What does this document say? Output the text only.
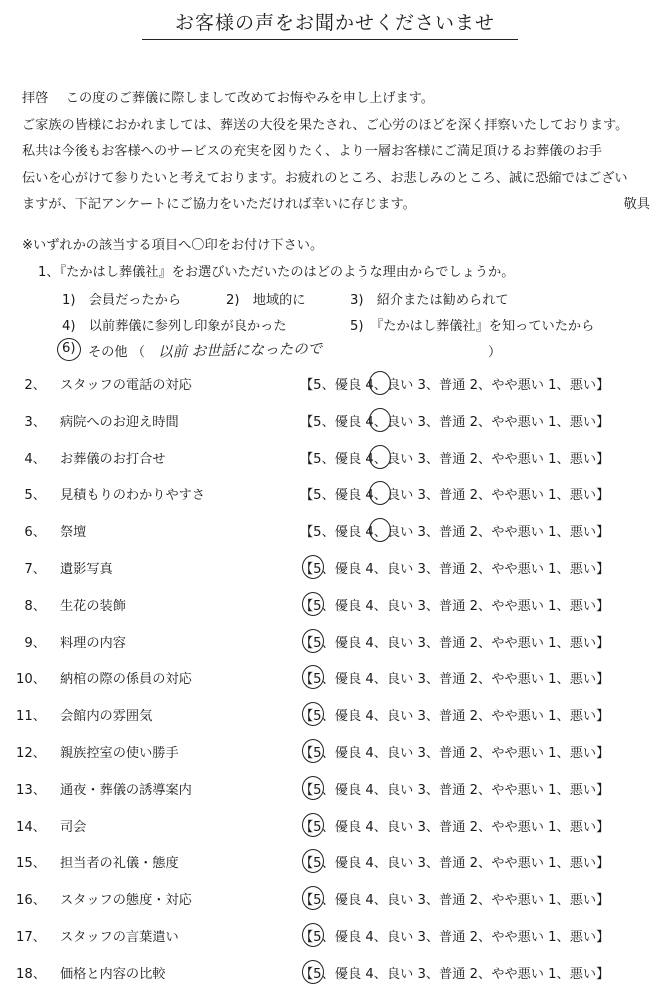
お客様の声をお聞かせくださいませ
拝啓　 この度のご葬儀に際しまして改めてお悔やみを申し上げます。
ご家族の皆様におかれましては、葬送の大役を果たされ、ご心労のほどを深く拝察いたしております。
私共は今後もお客様へのサービスの充実を図りたく、より一層お客様にご満足頂けるお葬儀のお手
伝いを心がけて参りたいと考えております。お疲れのところ、お悲しみのところ、誠に恐縮ではござい
ますが、下記アンケートにご協力をいただければ幸いに存じます。	敬具
※いずれかの該当する項目へ〇印をお付け下さい。
1、『たかはし葬儀社』をお選びいただいたのはどのような理由からでしょうか。
1)　会員だったから	2)　地域的に	3)　紹介または勧められて
4)　以前葬儀に参列し印象が良かった	5)　『たかはし葬儀社』を知っていたから
6) その他 （ 以前 お世話になったので	）
2、 スタッフの電話の対応	【5、優良 4、良い 3、普通 2、やや悪い 1、悪い】
3、 病院へのお迎え時間	【5、優良 4、良い 3、普通 2、やや悪い 1、悪い】
4、 お葬儀のお打合せ	【5、優良 4、良い 3、普通 2、やや悪い 1、悪い】
5、 見積もりのわかりやすさ	【5、優良 4、良い 3、普通 2、やや悪い 1、悪い】
6、 祭壇	【5、優良 4、良い 3、普通 2、やや悪い 1、悪い】
7、 遺影写真	【5、優良 4、良い 3、普通 2、やや悪い 1、悪い】
8、 生花の装飾	【5、優良 4、良い 3、普通 2、やや悪い 1、悪い】
9、 料理の内容	【5、優良 4、良い 3、普通 2、やや悪い 1、悪い】
10、 納棺の際の係員の対応	【5、優良 4、良い 3、普通 2、やや悪い 1、悪い】
11、 会館内の雰囲気	【5、優良 4、良い 3、普通 2、やや悪い 1、悪い】
12、 親族控室の使い勝手	【5、優良 4、良い 3、普通 2、やや悪い 1、悪い】
13、 通夜・葬儀の誘導案内	【5、優良 4、良い 3、普通 2、やや悪い 1、悪い】
14、 司会	【5、優良 4、良い 3、普通 2、やや悪い 1、悪い】
15、 担当者の礼儀・態度	【5、優良 4、良い 3、普通 2、やや悪い 1、悪い】
16、 スタッフの態度・対応	【5、優良 4、良い 3、普通 2、やや悪い 1、悪い】
17、 スタッフの言葉遣い	【5、優良 4、良い 3、普通 2、やや悪い 1、悪い】
18、 価格と内容の比較	【5、優良 4、良い 3、普通 2、やや悪い 1、悪い】
